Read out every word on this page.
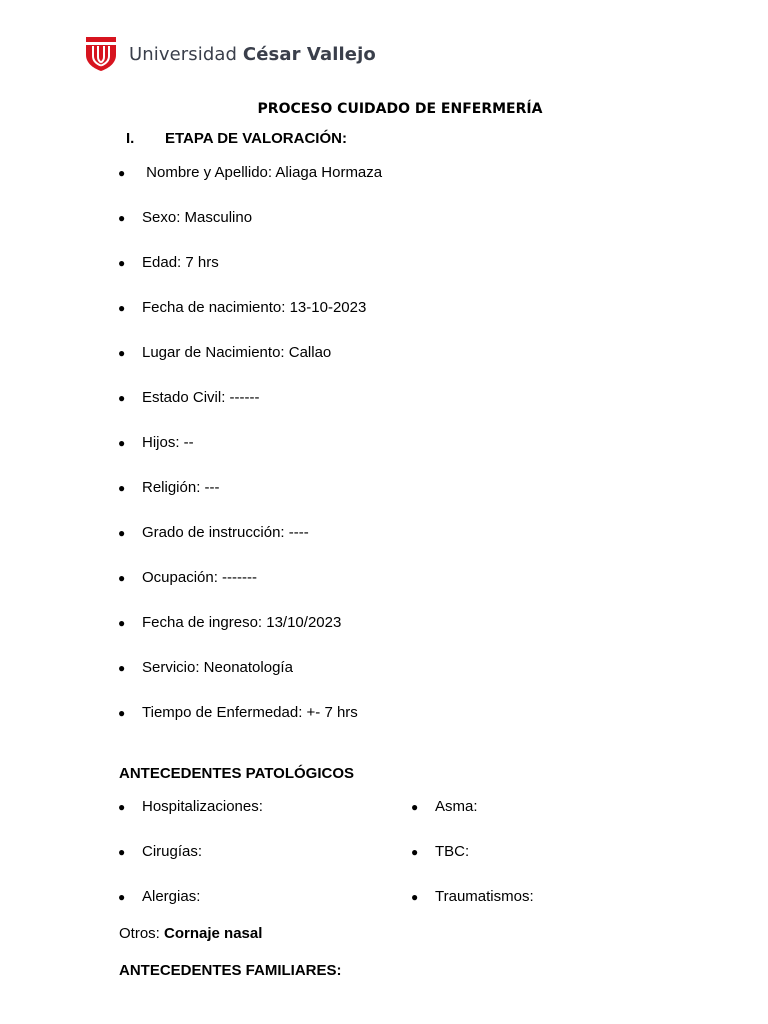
Universidad César Vallejo
PROCESO CUIDADO DE ENFERMERÍA
I. ETAPA DE VALORACIÓN:
● Nombre y Apellido: Aliaga Hormaza
● Sexo: Masculino
● Edad: 7 hrs
● Fecha de nacimiento: 13-10-2023
● Lugar de Nacimiento: Callao
● Estado Civil: ------
● Hijos: --
● Religión: ---
● Grado de instrucción: ----
● Ocupación: -------
● Fecha de ingreso: 13/10/2023
● Servicio: Neonatología
● Tiempo de Enfermedad: +- 7 hrs
ANTECEDENTES PATOLÓGICOS
● Hospitalizaciones:
● Cirugías:
● Alergias:
● Asma:
● TBC:
● Traumatismos:
Otros: Cornaje nasal
ANTECEDENTES FAMILIARES:
